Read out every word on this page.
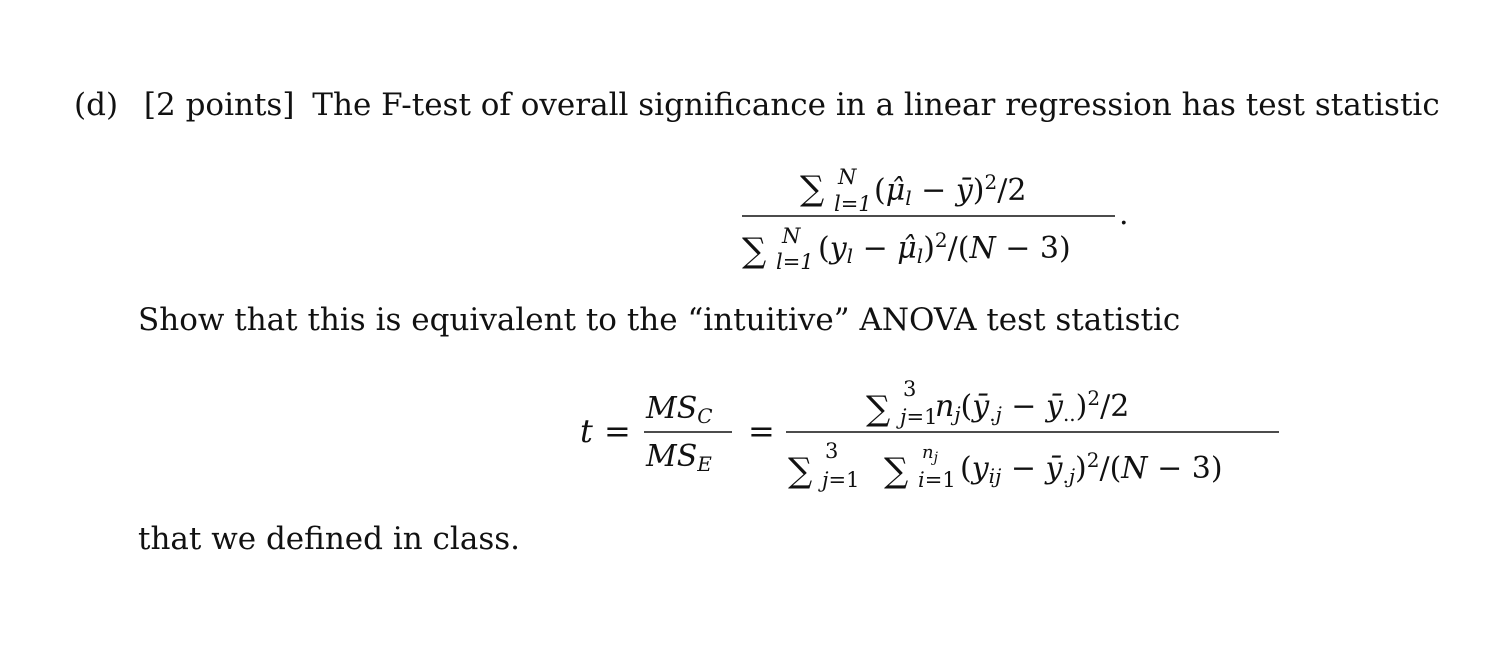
(d) [2 points] The F-test of overall significance in a linear regression has test statistic
∑ N
l=1 (μ̂l − ȳ)$^2$/2
∑ N
l=1 (yl − μ̂l)$^2$/(N − 3)
.
Show that this is equivalent to the “intuitive” ANOVA test statistic
t =
MSC
MSE
=
∑ 3
j=1
nj(ȳ.j − ȳ..)$^2$/2
∑ 3
j=1 ∑ $n_j$
i=1 (yij − ȳ.j)$^2$/(N − 3)
that we defined in class.
